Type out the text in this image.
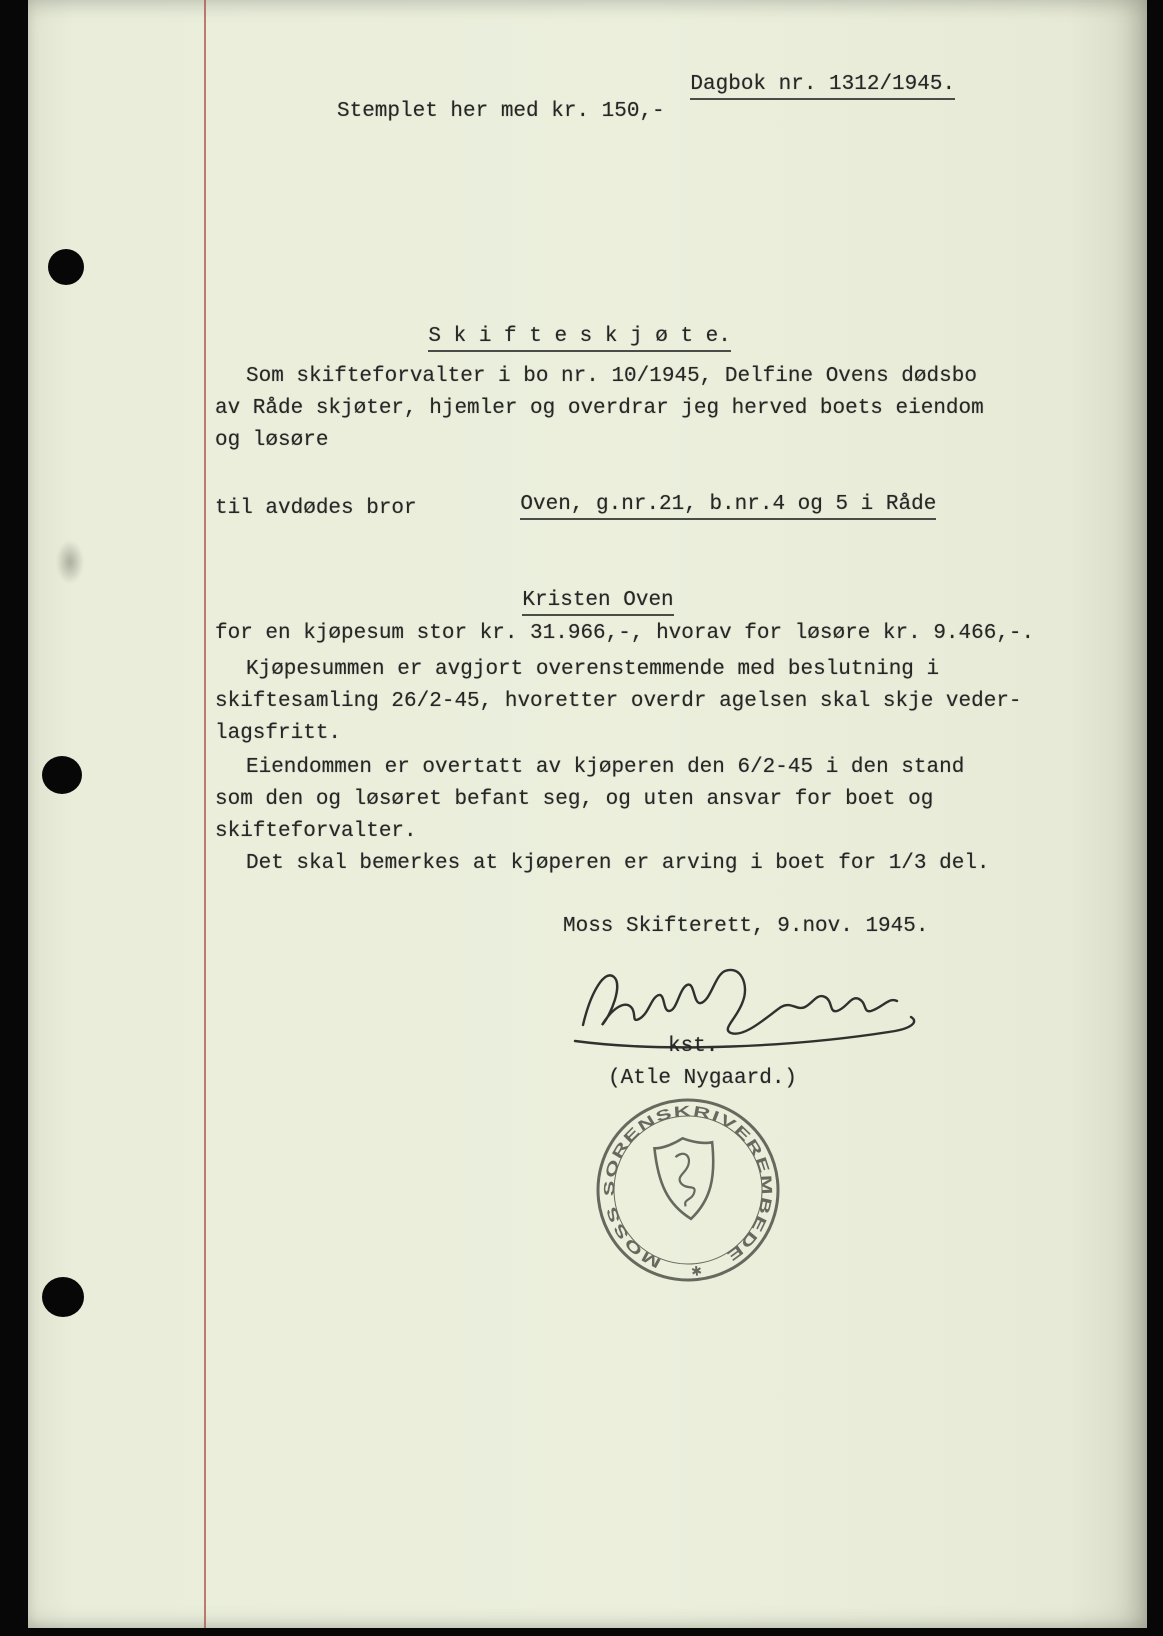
Dagbok nr. 1312/1945.

Stemplet her med kr. 150,-

S k i f t e s k j ø t e.

Som skifteforvalter i bo nr. 10/1945, Delfine Ovens dødsbo
av Råde skjøter, hjemler og overdrar jeg herved boets eiendom
og løsøre

Oven, g.nr.21, b.nr.4 og 5 i Råde

til avdødes bror

Kristen Oven

for en kjøpesum stor kr. 31.966,-, hvorav for løsøre kr. 9.466,-.
Kjøpesummen er avgjort overenstemmende med beslutning i
skiftesamling 26/2-45, hvoretter overdr agelsen skal skje veder-
lagsfritt.
Eiendommen er overtatt av kjøperen den 6/2-45 i den stand
som den og løsøret befant seg, og uten ansvar for boet og
skifteforvalter.
Det skal bemerkes at kjøperen er arving i boet for 1/3 del.
Moss Skifterett, 9.nov. 1945.
kst.
(Atle Nygaard.)
MOSS SORENSKRIVEREMBEDE
✱
